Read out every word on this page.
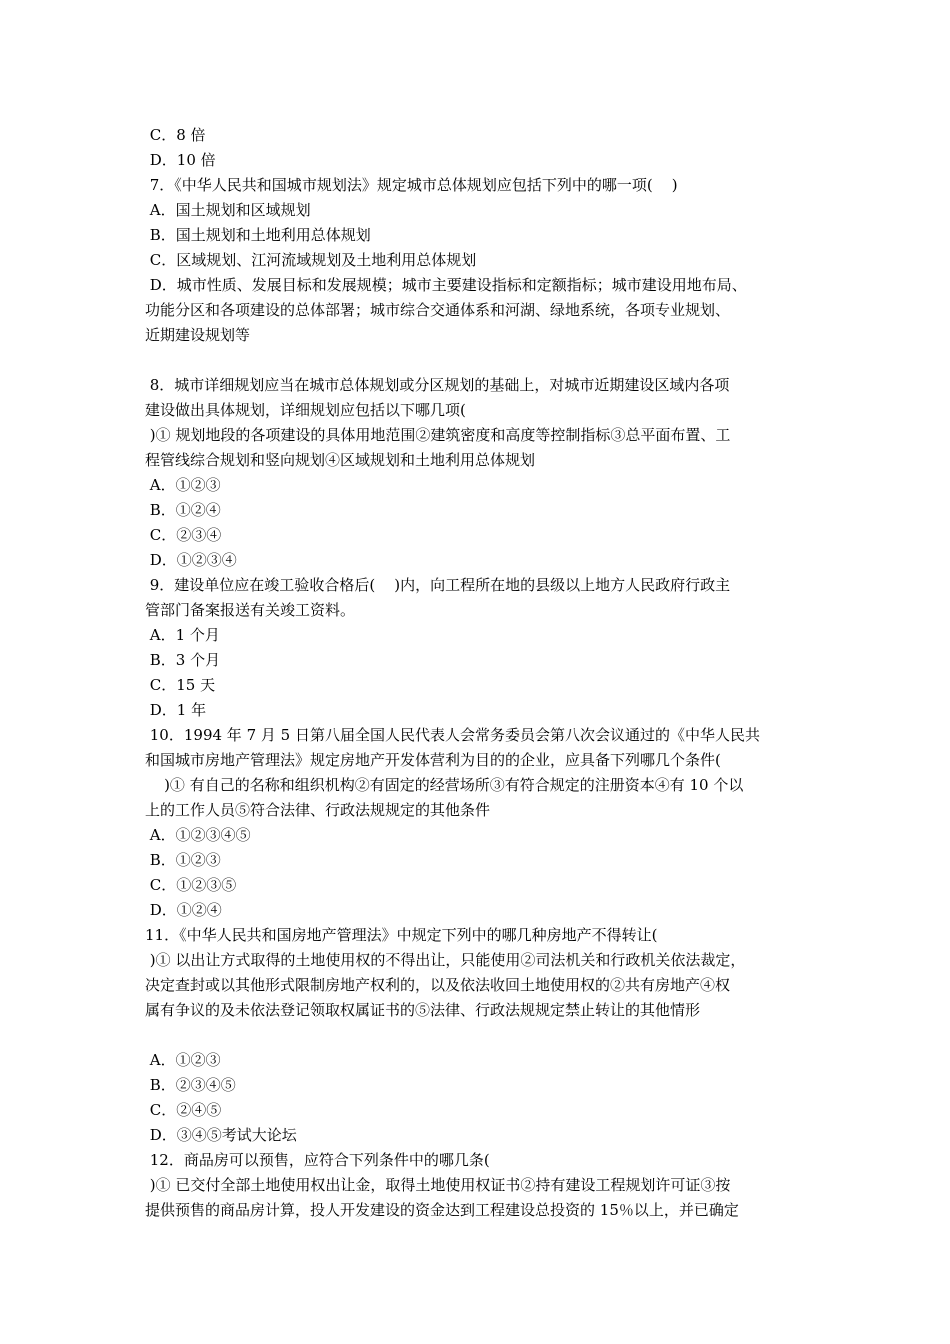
C．8 倍
D．10 倍
7．《中华人民共和国城市规划法》规定城市总体规划应包括下列中的哪一项(    )
A．国土规划和区域规划
B．国土规划和土地利用总体规划
C．区域规划、江河流域规划及土地利用总体规划
D．城市性质、发展目标和发展规模；城市主要建设指标和定额指标；城市建设用地布局、
功能分区和各项建设的总体部署；城市综合交通体系和河湖、绿地系统，各项专业规划、
近期建设规划等
8．城市详细规划应当在城市总体规划或分区规划的基础上，对城市近期建设区域内各项
建设做出具体规划，详细规划应包括以下哪几项(
)① 规划地段的各项建设的具体用地范围②建筑密度和高度等控制指标③总平面布置、工
程管线综合规划和竖向规划④区域规划和土地利用总体规划
A．①②③
B．①②④
C．②③④
D．①②③④
9．建设单位应在竣工验收合格后(    )内，向工程所在地的县级以上地方人民政府行政主
管部门备案报送有关竣工资料。
A．1 个月
B．3 个月
C．15 天
D．1 年
10．1994 年 7 月 5 日第八届全国人民代表人会常务委员会第八次会议通过的《中华人民共
和国城市房地产管理法》规定房地产开发体营利为目的的企业，应具备下列哪几个条件(
)① 有自己的名称和组织机构②有固定的经营场所③有符合规定的注册资本④有 10 个以
上的工作人员⑤符合法律、行政法规规定的其他条件
A．①②③④⑤
B．①②③
C．①②③⑤
D．①②④
11．《中华人民共和国房地产管理法》中规定下列中的哪几种房地产不得转让(
)① 以出让方式取得的土地使用权的不得出让，只能使用②司法机关和行政机关依法裁定，
决定查封或以其他形式限制房地产权利的，以及依法收回土地使用权的②共有房地产④权
属有争议的及未依法登记领取权属证书的⑤法律、行政法规规定禁止转让的其他情形
A．①②③
B．②③④⑤
C．②④⑤
D．③④⑤考试大论坛
12．商品房可以预售，应符合下列条件中的哪几条(
)① 已交付全部土地使用权出让金，取得土地使用权证书②持有建设工程规划许可证③按
提供预售的商品房计算，投人开发建设的资金达到工程建设总投资的 15％以上，并已确定
